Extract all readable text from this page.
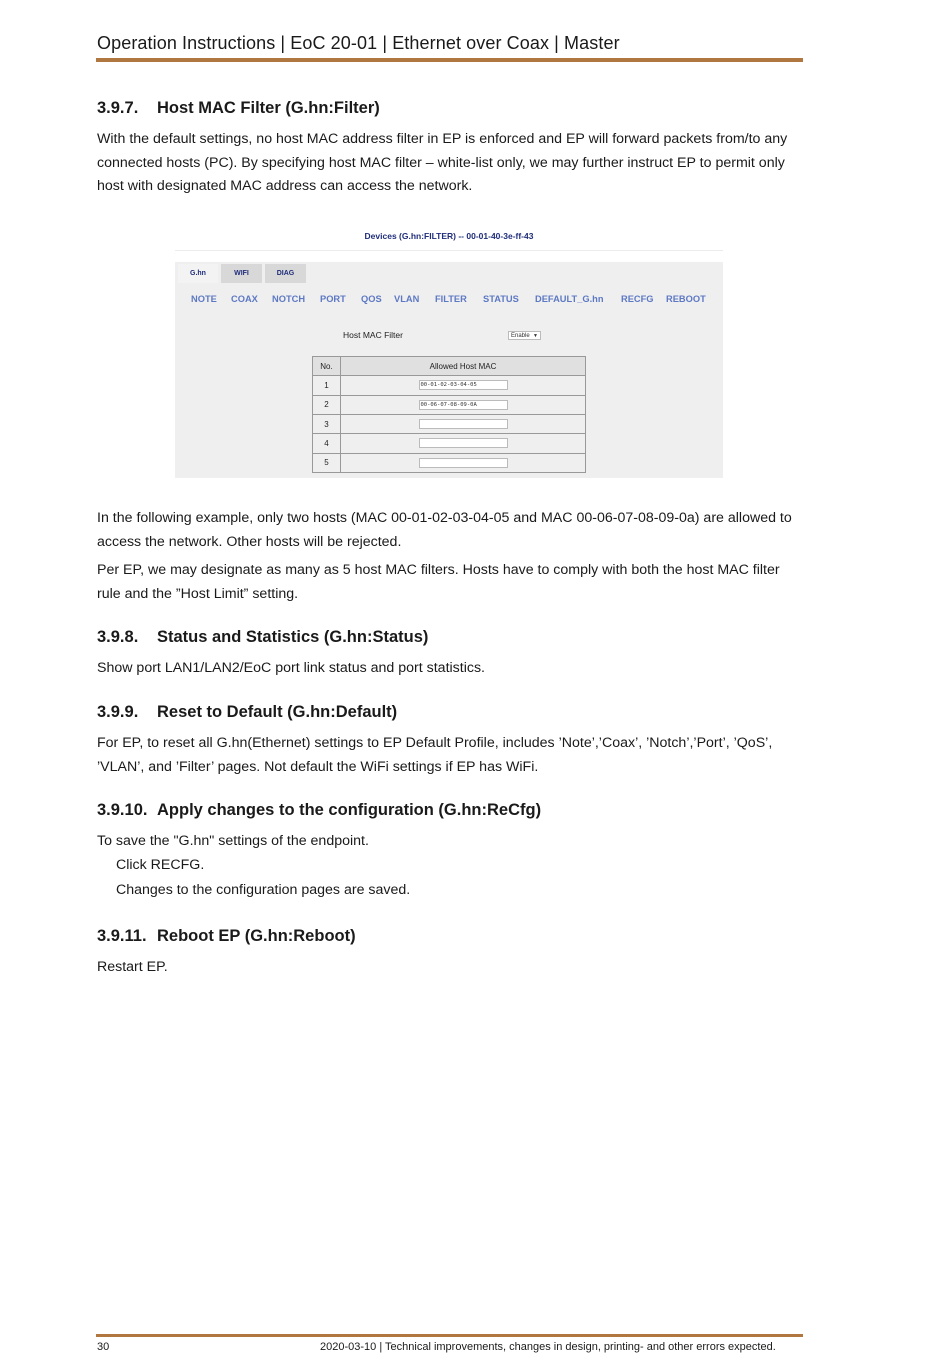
Operation Instructions | EoC 20-01 | Ethernet over Coax | Master
3.9.7. Host MAC Filter (G.hn:Filter)

With the default settings, no host MAC address filter in EP is enforced and EP will forward packets from/to any connected hosts (PC). By specifying host MAC filter – white-list only, we may further instruct EP to permit only host with designated MAC address can access the network.

Devices (G.hn:FILTER) -- 00-01-40-3e-ff-43
G.hn	WIFI	DIAG
NOTE COAX NOTCH PORT QOS VLAN FILTER STATUS DEFAULT_G.hn RECFG REBOOT
Host MAC Filter	Enable ▼
No.	Allowed Host MAC
1	00-01-02-03-04-05
2	00-06-07-08-09-0A
3	
4	
5	

In the following example, only two hosts (MAC 00-01-02-03-04-05 and MAC 00-06-07-08-09-0a) are allowed to access the network. Other hosts will be rejected.

Per EP, we may designate as many as 5 host MAC filters. Hosts have to comply with both the host MAC filter rule and the ”Host Limit” setting.

3.9.8. Status and Statistics (G.hn:Status)

Show port LAN1/LAN2/EoC port link status and port statistics.

3.9.9. Reset to Default (G.hn:Default)

For EP, to reset all G.hn(Ethernet) settings to EP Default Profile, includes ’Note’,’Coax’, ’Notch’,’Port’, ’QoS’, ’VLAN’, and ’Filter’ pages. Not default the WiFi settings if EP has WiFi.

3.9.10. Apply changes to the configuration (G.hn:ReCfg)

To save the "G.hn" settings of the endpoint.

Click RECFG.
Changes to the configuration pages are saved.
3.9.11. Reboot EP (G.hn:Reboot)

Restart EP.

30	2020-03-10 | Technical improvements, changes in design, printing- and other errors expected.
